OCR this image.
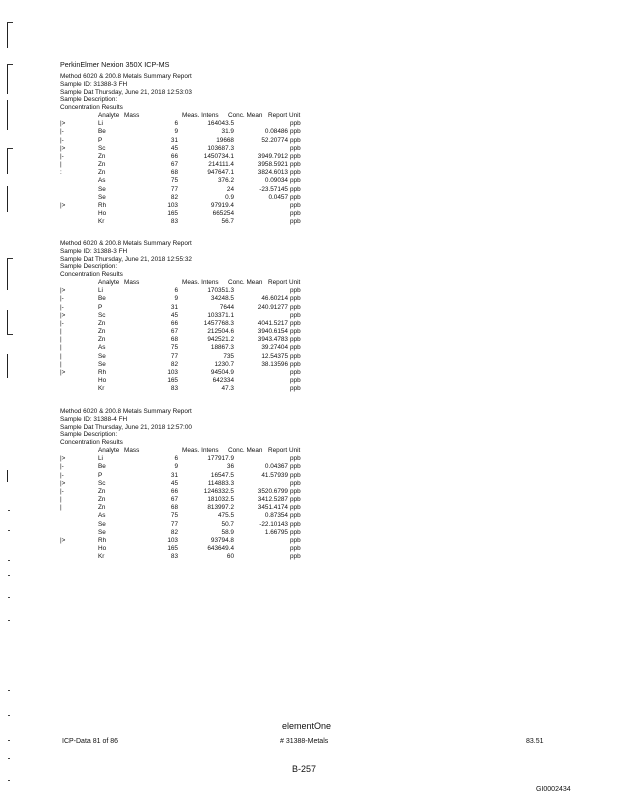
PerkinElmer Nexion 350X ICP-MS
Method 6020 & 200.8 Metals Summary Report
Sample ID: 31388-3 FH
Sample Dat Thursday, June 21, 2018 12:53:03
Sample Description:
Concentration Results
Analyte Mass	Meas. Intens Conc. Mean Report Unit
|>	Li	6	164043.5	ppb
|-	Be	9	31.9	0.08486 ppb
|-	P	31	19668	52.20774 ppb
|>	Sc	45	103687.3	ppb
|-	Zn	66	1450734.1	3949.7912 ppb
|	Zn	67	214111.4	3958.5921 ppb
:	Zn	68	947647.1	3824.6013 ppb
As	75	376.2	0.09034 ppb
Se	77	24	-23.57145 ppb
Se	82	0.9	0.0457 ppb
|>	Rh	103	97919.4	ppb
Ho	165	665254	ppb
Kr	83	56.7	ppb
Method 6020 & 200.8 Metals Summary Report
Sample ID: 31388-3 FH
Sample Dat Thursday, June 21, 2018 12:55:32
Sample Description:
Concentration Results
Analyte Mass	Meas. Intens Conc. Mean Report Unit
|>	Li	6	170351.3	ppb
|-	Be	9	34248.5	46.60214 ppb
|-	P	31	7644	240.91277 ppb
|>	Sc	45	103371.1	ppb
|-	Zn	66	1457768.3	4041.5217 ppb
|	Zn	67	212504.6	3940.6154 ppb
|	Zn	68	942521.2	3943.4783 ppb
|	As	75	18867.3	39.27404 ppb
|	Se	77	735	12.54375 ppb
|	Se	82	1230.7	38.13596 ppb
|>	Rh	103	94504.9	ppb
Ho	165	642334	ppb
Kr	83	47.3	ppb
Method 6020 & 200.8 Metals Summary Report
Sample ID: 31388-4 FH
Sample Dat Thursday, June 21, 2018 12:57:00
Sample Description:
Concentration Results
Analyte Mass	Meas. Intens Conc. Mean Report Unit
|>	Li	6	177917.9	ppb
|-	Be	9	36	0.04367 ppb
|-	P	31	16547.5	41.57939 ppb
|>	Sc	45	114883.3	ppb
|-	Zn	66	1246332.5	3520.6799 ppb
|	Zn	67	181032.5	3412.5287 ppb
|	Zn	68	813997.2	3451.4174 ppb
As	75	475.5	0.87354 ppb
Se	77	50.7	-22.10143 ppb
Se	82	58.9	1.66795 ppb
|>	Rh	103	93794.8	ppb
Ho	165	643649.4	ppb
Kr	83	60	ppb
elementOne
ICP-Data 81 of 86	# 31388-Metals	83.51
B-257
GI0002434
